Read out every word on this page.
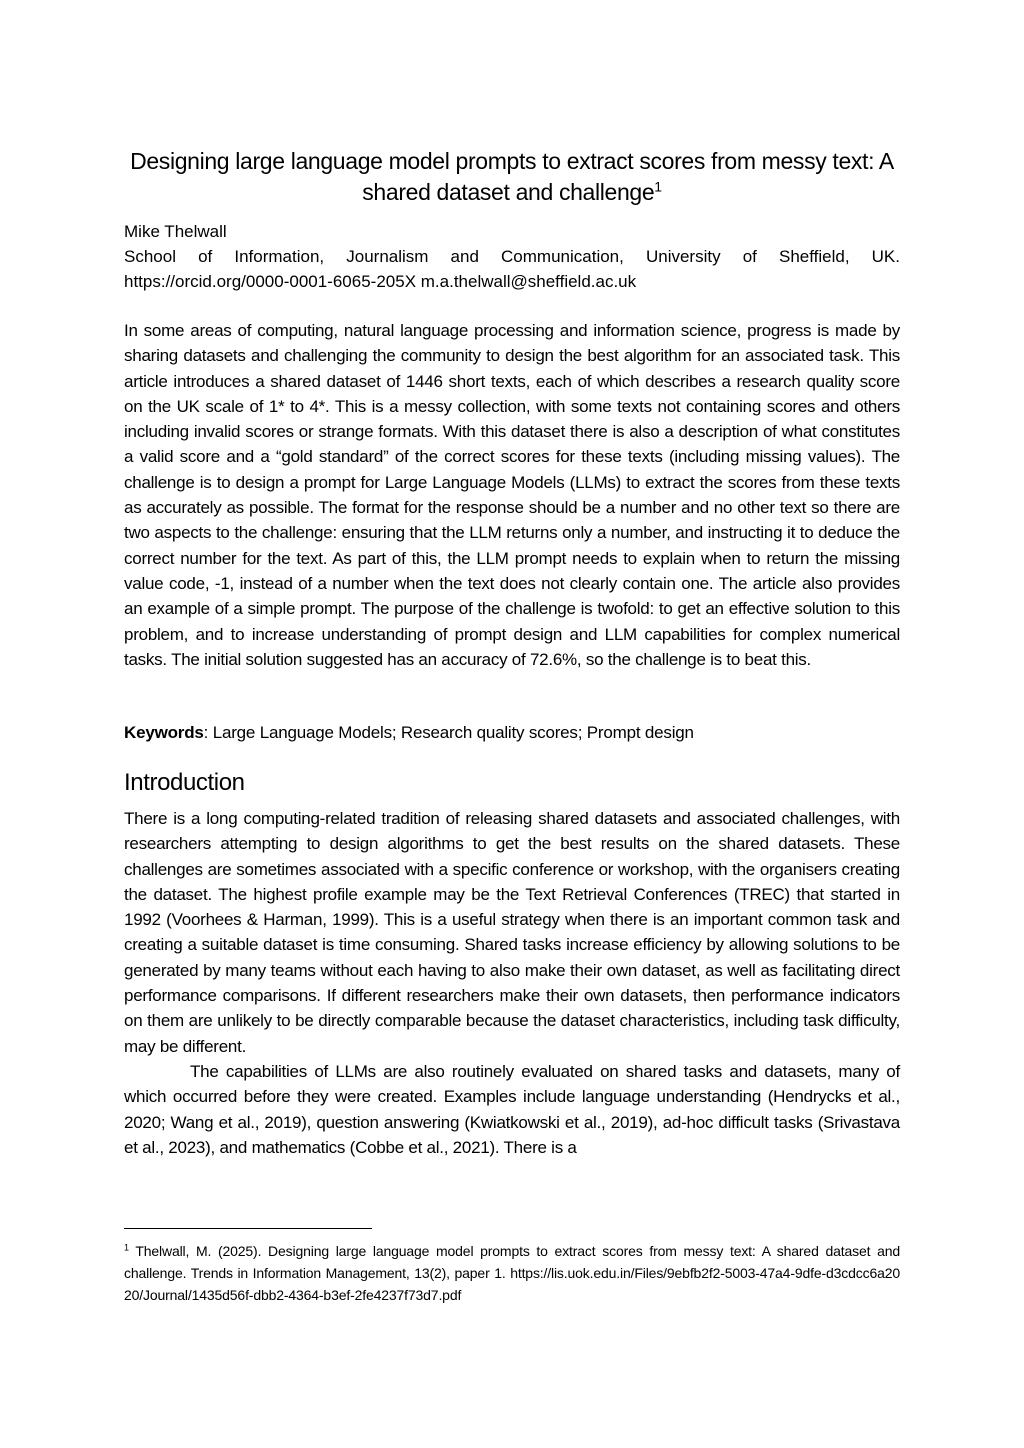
Designing large language model prompts to extract scores from messy text: A shared dataset and challenge$^1$
Mike Thelwall
School of Information, Journalism and Communication, University of Sheffield, UK.
https://orcid.org/0000-0001-6065-205X m.a.thelwall@sheffield.ac.uk

In some areas of computing, natural language processing and information science, progress is made by sharing datasets and challenging the community to design the best algorithm for an associated task. This article introduces a shared dataset of 1446 short texts, each of which describes a research quality score on the UK scale of 1* to 4*. This is a messy collection, with some texts not containing scores and others including invalid scores or strange formats. With this dataset there is also a description of what constitutes a valid score and a “gold standard” of the correct scores for these texts (including missing values). The challenge is to design a prompt for Large Language Models (LLMs) to extract the scores from these texts as accurately as possible. The format for the response should be a number and no other text so there are two aspects to the challenge: ensuring that the LLM returns only a number, and instructing it to deduce the correct number for the text. As part of this, the LLM prompt needs to explain when to return the missing value code, -1, instead of a number when the text does not clearly contain one. The article also provides an example of a simple prompt. The purpose of the challenge is twofold: to get an effective solution to this problem, and to increase understanding of prompt design and LLM capabilities for complex numerical tasks. The initial solution suggested has an accuracy of 72.6%, so the challenge is to beat this.

Keywords: Large Language Models; Research quality scores; Prompt design
Introduction

There is a long computing-related tradition of releasing shared datasets and associated challenges, with researchers attempting to design algorithms to get the best results on the shared datasets. These challenges are sometimes associated with a specific conference or workshop, with the organisers creating the dataset. The highest profile example may be the Text Retrieval Conferences (TREC) that started in 1992 (Voorhees & Harman, 1999). This is a useful strategy when there is an important common task and creating a suitable dataset is time consuming. Shared tasks increase efficiency by allowing solutions to be generated by many teams without each having to also make their own dataset, as well as facilitating direct performance comparisons. If different researchers make their own datasets, then performance indicators on them are unlikely to be directly comparable because the dataset characteristics, including task difficulty, may be different.

The capabilities of LLMs are also routinely evaluated on shared tasks and datasets, many of which occurred before they were created. Examples include language understanding (Hendrycks et al., 2020; Wang et al., 2019), question answering (Kwiatkowski et al., 2019), ad-hoc difficult tasks (Srivastava et al., 2023), and mathematics (Cobbe et al., 2021). There is a

$^1$ Thelwall, M. (2025). Designing large language model prompts to extract scores from messy text: A shared dataset and challenge. Trends in Information Management, 13(2), paper 1. https://lis.uok.edu.in/Files/9ebfb2f2-5003-47a4-9dfe-d3cdcc6a2020/Journal/1435d56f-dbb2-4364-b3ef-2fe4237f73d7.pdf
